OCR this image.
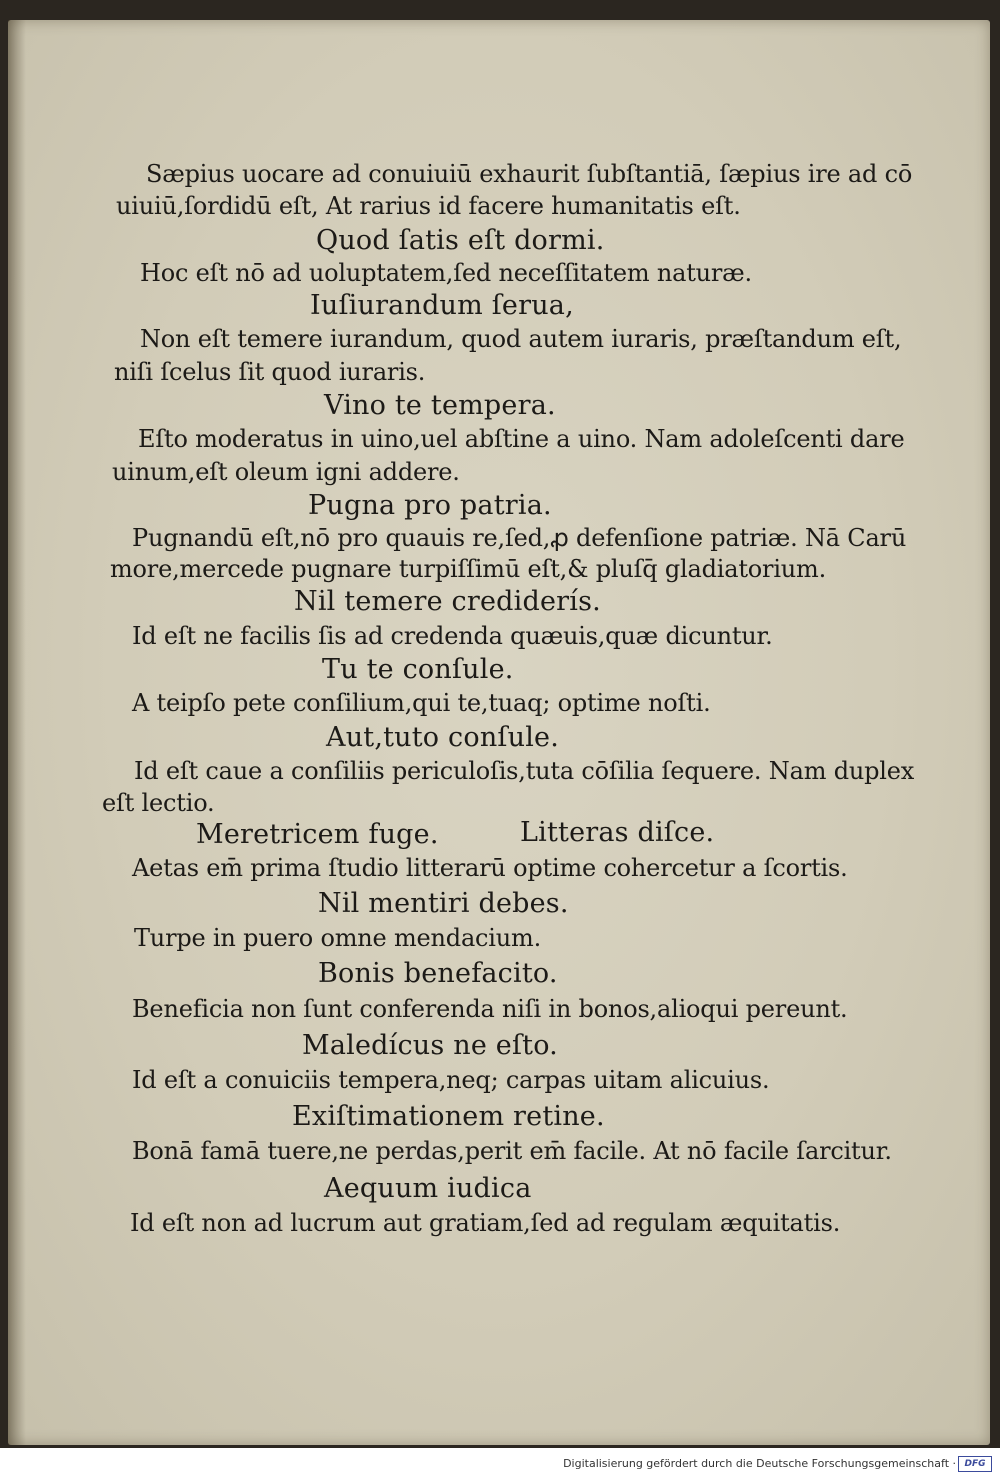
Sæpius uocare ad conuiuiū exhaurit ſubſtantiā, ſæpius ire ad cō
uiuiū,ſordidū eſt, At rarius id facere humanitatis eſt.
Quod ſatis eſt dormi.
Hoc eſt nō ad uoluptatem,ſed neceſſitatem naturæ.
Iuſiurandum ſerua,
Non eſt temere iurandum, quod autem iuraris, præſtandum eſt,
niſi ſcelus ſit quod iuraris.
Vino te tempera.
Eſto moderatus in uino,uel abſtine a uino. Nam adoleſcenti dare
uinum,eſt oleum igni addere.
Pugna pro patria.
Pugnandū eſt,nō pro quauis re,ſed,ꝓ defenſione patriæ. Nā Carū
more,mercede pugnare turpiſſimū eſt,& pluſq̄ gladiatorium.
Nil temere crediderís.
Id eſt ne facilis ſis ad credenda quæuis,quæ dicuntur.
Tu te conſule.
A teipſo pete conſilium,qui te,tuaq; optime noſti.
Aut,tuto conſule.
Id eſt caue a conſiliis periculoſis,tuta cōſilia ſequere. Nam duplex
eſt lectio.
Meretricem fuge.	Litteras diſce.
Aetas em̄ prima ſtudio litterarū optime cohercetur a ſcortis.
Nil mentiri debes.
Turpe in puero omne mendacium.
Bonis benefacito.
Beneficia non ſunt conferenda niſi in bonos,alioqui pereunt.
Maledícus ne eſto.
Id eſt a conuiciis tempera,neq; carpas uitam alicuius.
Exiſtimationem retine.
Bonā famā tuere,ne perdas,perit em̄ facile. At nō facile ſarcitur.
Aequum iudica
Id eſt non ad lucrum aut gratiam,ſed ad regulam æquitatis.
Digitalisierung gefördert durch die Deutsche Forschungsgemeinschaft · DFG
